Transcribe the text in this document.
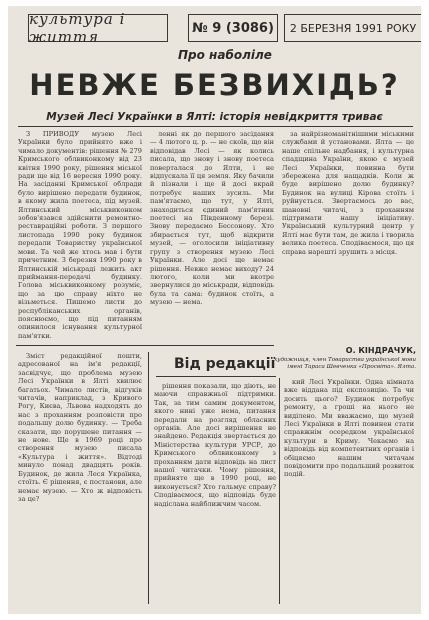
культура і життя	№ 9 (3086)	2 БЕРЕЗНЯ 1991 РОКУ
Про наболіле
НЕВЖЕ БЕЗВИХІДЬ?
Музей Лесі Українки в Ялті: історія невідкриття триває

З ПРИВОДУ музею Лесі Українки було прийнято вже і чимало документів: рішення № 279 Кримського облвиконкому від 23 квітня 1990 року, рішення міської ради ще від 16 вересня 1990 року. На засіданні Кримської облради було вирішено передати будинок, в якому жила поетеса, під музей. Ялтинський міськвиконком зобов'язався здійснити ремонтно-реставраційні роботи. З першого листопада 1990 року будинок передали Товариству української мови. Та чей же хтось мав і бути причетним. З березня 1990 року в Ялтинській міськраді лежить акт приймання-передачі будинку. Голова міськвиконкому розуміє, що за цю справу ніхто не візьметься. Пишемо листи до республіканських органів, пояснюємо, що під питанням опинилося існування культурної пам'ятки.

ленні як до першого засідання — 4 лютого ц. р. — не скоїв, що він відповідав Лесі — як колись писала, що знову і знову поетеса поверталася до Ялти, і не відпускала її ця земля. Яку бачили й пізнали і ще й досі вкрай потребує наших зусиль. Ми пам'ятаємо, що тут, у Ялті, знаходиться єдиний пам'ятник поетесі на Південному березі. Знову передаємо Бессонову. Хто збирається тут, щоб відкрити музей, — оголосили ініціативну групу з створення музею Лесі Українки. Але досі ще немає рішення. Невже немає виходу? 24 лютого, коли ми вкотре звернулися до міськради, відповідь була та сама: будинок стоїть, а музею — нема.

за найрізноманітнішими міськими службами й установами. Ялта — це наше спільне надбання, і культурна спадщина України, якою є музей Лесі Українки, повинна бути збережена для нащадків. Коли ж буде вирішено долю будинку? Будинок на вулиці Кірова стоїть і руйнується. Звертаємось до вас, шановні читачі, з проханням підтримати нашу ініціативу. Український культурний центр у Ялті має бути там, де жила і творила велика поетеса. Сподіваємося, що ця справа нарешті зрушить з місця.

О. КІНДРАЧУК,
художниця, член Товариства української мови імені Тараса Шевченка «Просвіта». Ялта.
Від редакції

Зміст редакційної пошти, адресованої на ім'я редакції, засвідчує, що проблема музею Лесі Українки в Ялті хвилює багатьох. Чимало листів, відгуків читачів, наприклад, з Кривого Рогу, Києва, Львова надходять до нас з проханням розповісти про подальшу долю будинку. — Треба сказати, що порушене питання — не нове. Ще в 1969 році про створення музею писала «Культура і життя». Відтоді минуло понад двадцять років. Будинок, де жила Леся Українка, стоїть. Є рішення, є постанови, але немає музею. — Хто ж відповість за це?

рішення показали, що діють, не маючи справжньої підтримки. Так, за тим самим документом, якого нині уже нема, питання передали на розгляд обласних органів. Але досі вирішення не знайдено. Редакція звертається до Міністерства культури УРСР, до Кримського облвиконкому з проханням дати відповідь на лист нашої читачки. Чому рішення, прийняте ще в 1990 році, не виконується? Хто гальмує справу? Сподіваємося, що відповідь буде надіслана найближчим часом.

кий Лесі Українки. Одна кімната вже віддана під експозицію. Та чи досить цього? Будинок потребує ремонту, а гроші на нього не виділено. Ми вважаємо, що музей Лесі Українки в Ялті повинен стати справжнім осередком української культури в Криму. Чекаємо на відповідь від компетентних органів і обіцяємо нашим читачам повідомити про подальший розвиток подій.
